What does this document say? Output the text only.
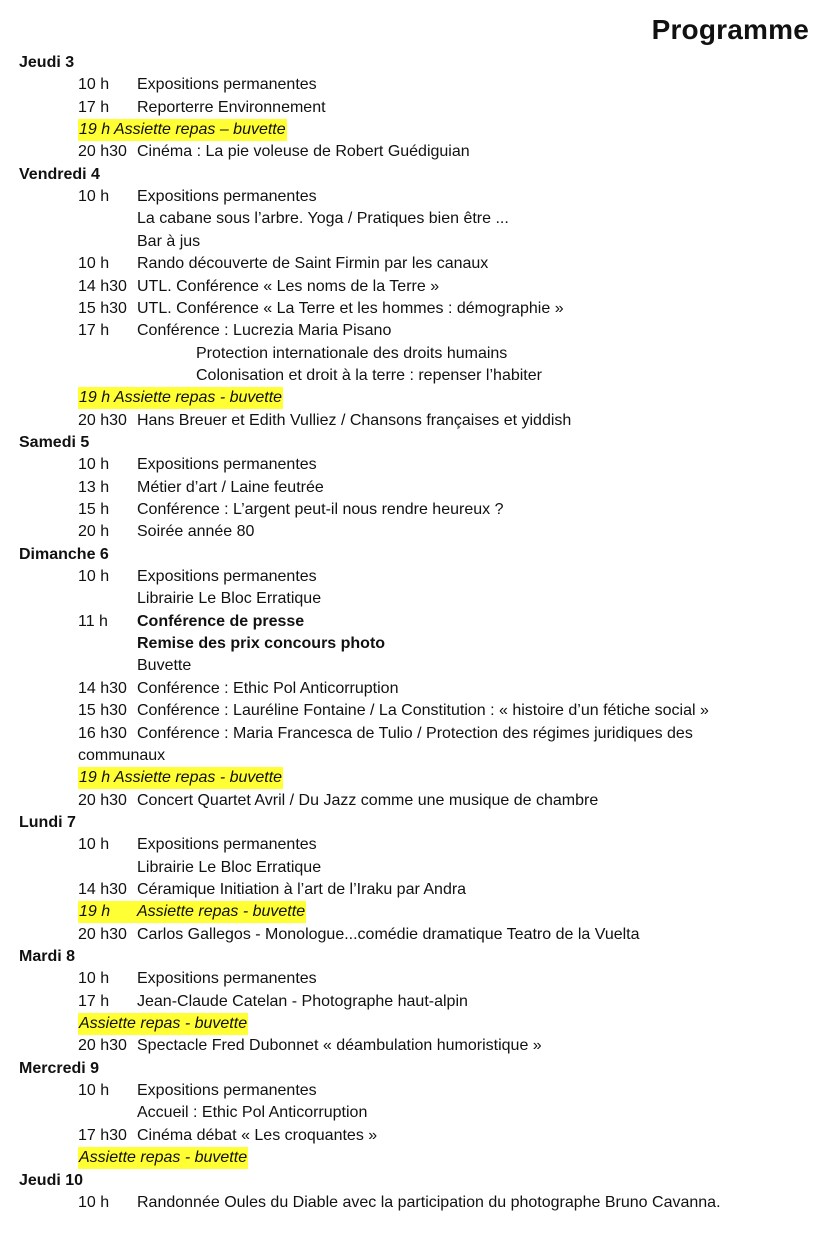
Programme
Jeudi 3
10 h Expositions permanentes
17 h Reporterre Environnement
19 h Assiette repas – buvette
20 h30 Cinéma : La pie voleuse de Robert Guédiguian
Vendredi 4
10 h Expositions permanentes
La cabane sous l’arbre. Yoga / Pratiques bien être ...
Bar à jus
10 h Rando découverte de Saint Firmin par les canaux
14 h30 UTL. Conférence « Les noms de la Terre »
15 h30 UTL. Conférence « La Terre et les hommes : démographie »
17 h Conférence : Lucrezia Maria Pisano
Protection internationale des droits humains
Colonisation et droit à la terre : repenser l’habiter
19 h Assiette repas - buvette
20 h30 Hans Breuer et Edith Vulliez / Chansons françaises et yiddish
Samedi 5
10 h Expositions permanentes
13 h Métier d’art / Laine feutrée
15 h Conférence : L’argent peut-il nous rendre heureux ?
20 h Soirée année 80
Dimanche 6
10 h Expositions permanentes
Librairie Le Bloc Erratique
11 h Conférence de presse
Remise des prix concours photo
Buvette
14 h30 Conférence : Ethic Pol Anticorruption
15 h30 Conférence : Lauréline Fontaine / La Constitution : « histoire d’un fétiche social »
16 h30 Conférence : Maria Francesca de Tulio / Protection des régimes juridiques des
communaux
19 h Assiette repas - buvette
20 h30 Concert Quartet Avril / Du Jazz comme une musique de chambre
Lundi 7
10 h Expositions permanentes
Librairie Le Bloc Erratique
14 h30 Céramique Initiation à l’art de l’Iraku par Andra
19 h Assiette repas - buvette
20 h30 Carlos Gallegos - Monologue...comédie dramatique Teatro de la Vuelta
Mardi 8
10 h Expositions permanentes
17 h Jean-Claude Catelan - Photographe haut-alpin
Assiette repas - buvette
20 h30 Spectacle Fred Dubonnet « déambulation humoristique »
Mercredi 9
10 h Expositions permanentes
Accueil : Ethic Pol Anticorruption
17 h30 Cinéma débat « Les croquantes »
Assiette repas - buvette
Jeudi 10
10 h Randonnée Oules du Diable avec la participation du photographe Bruno Cavanna.
